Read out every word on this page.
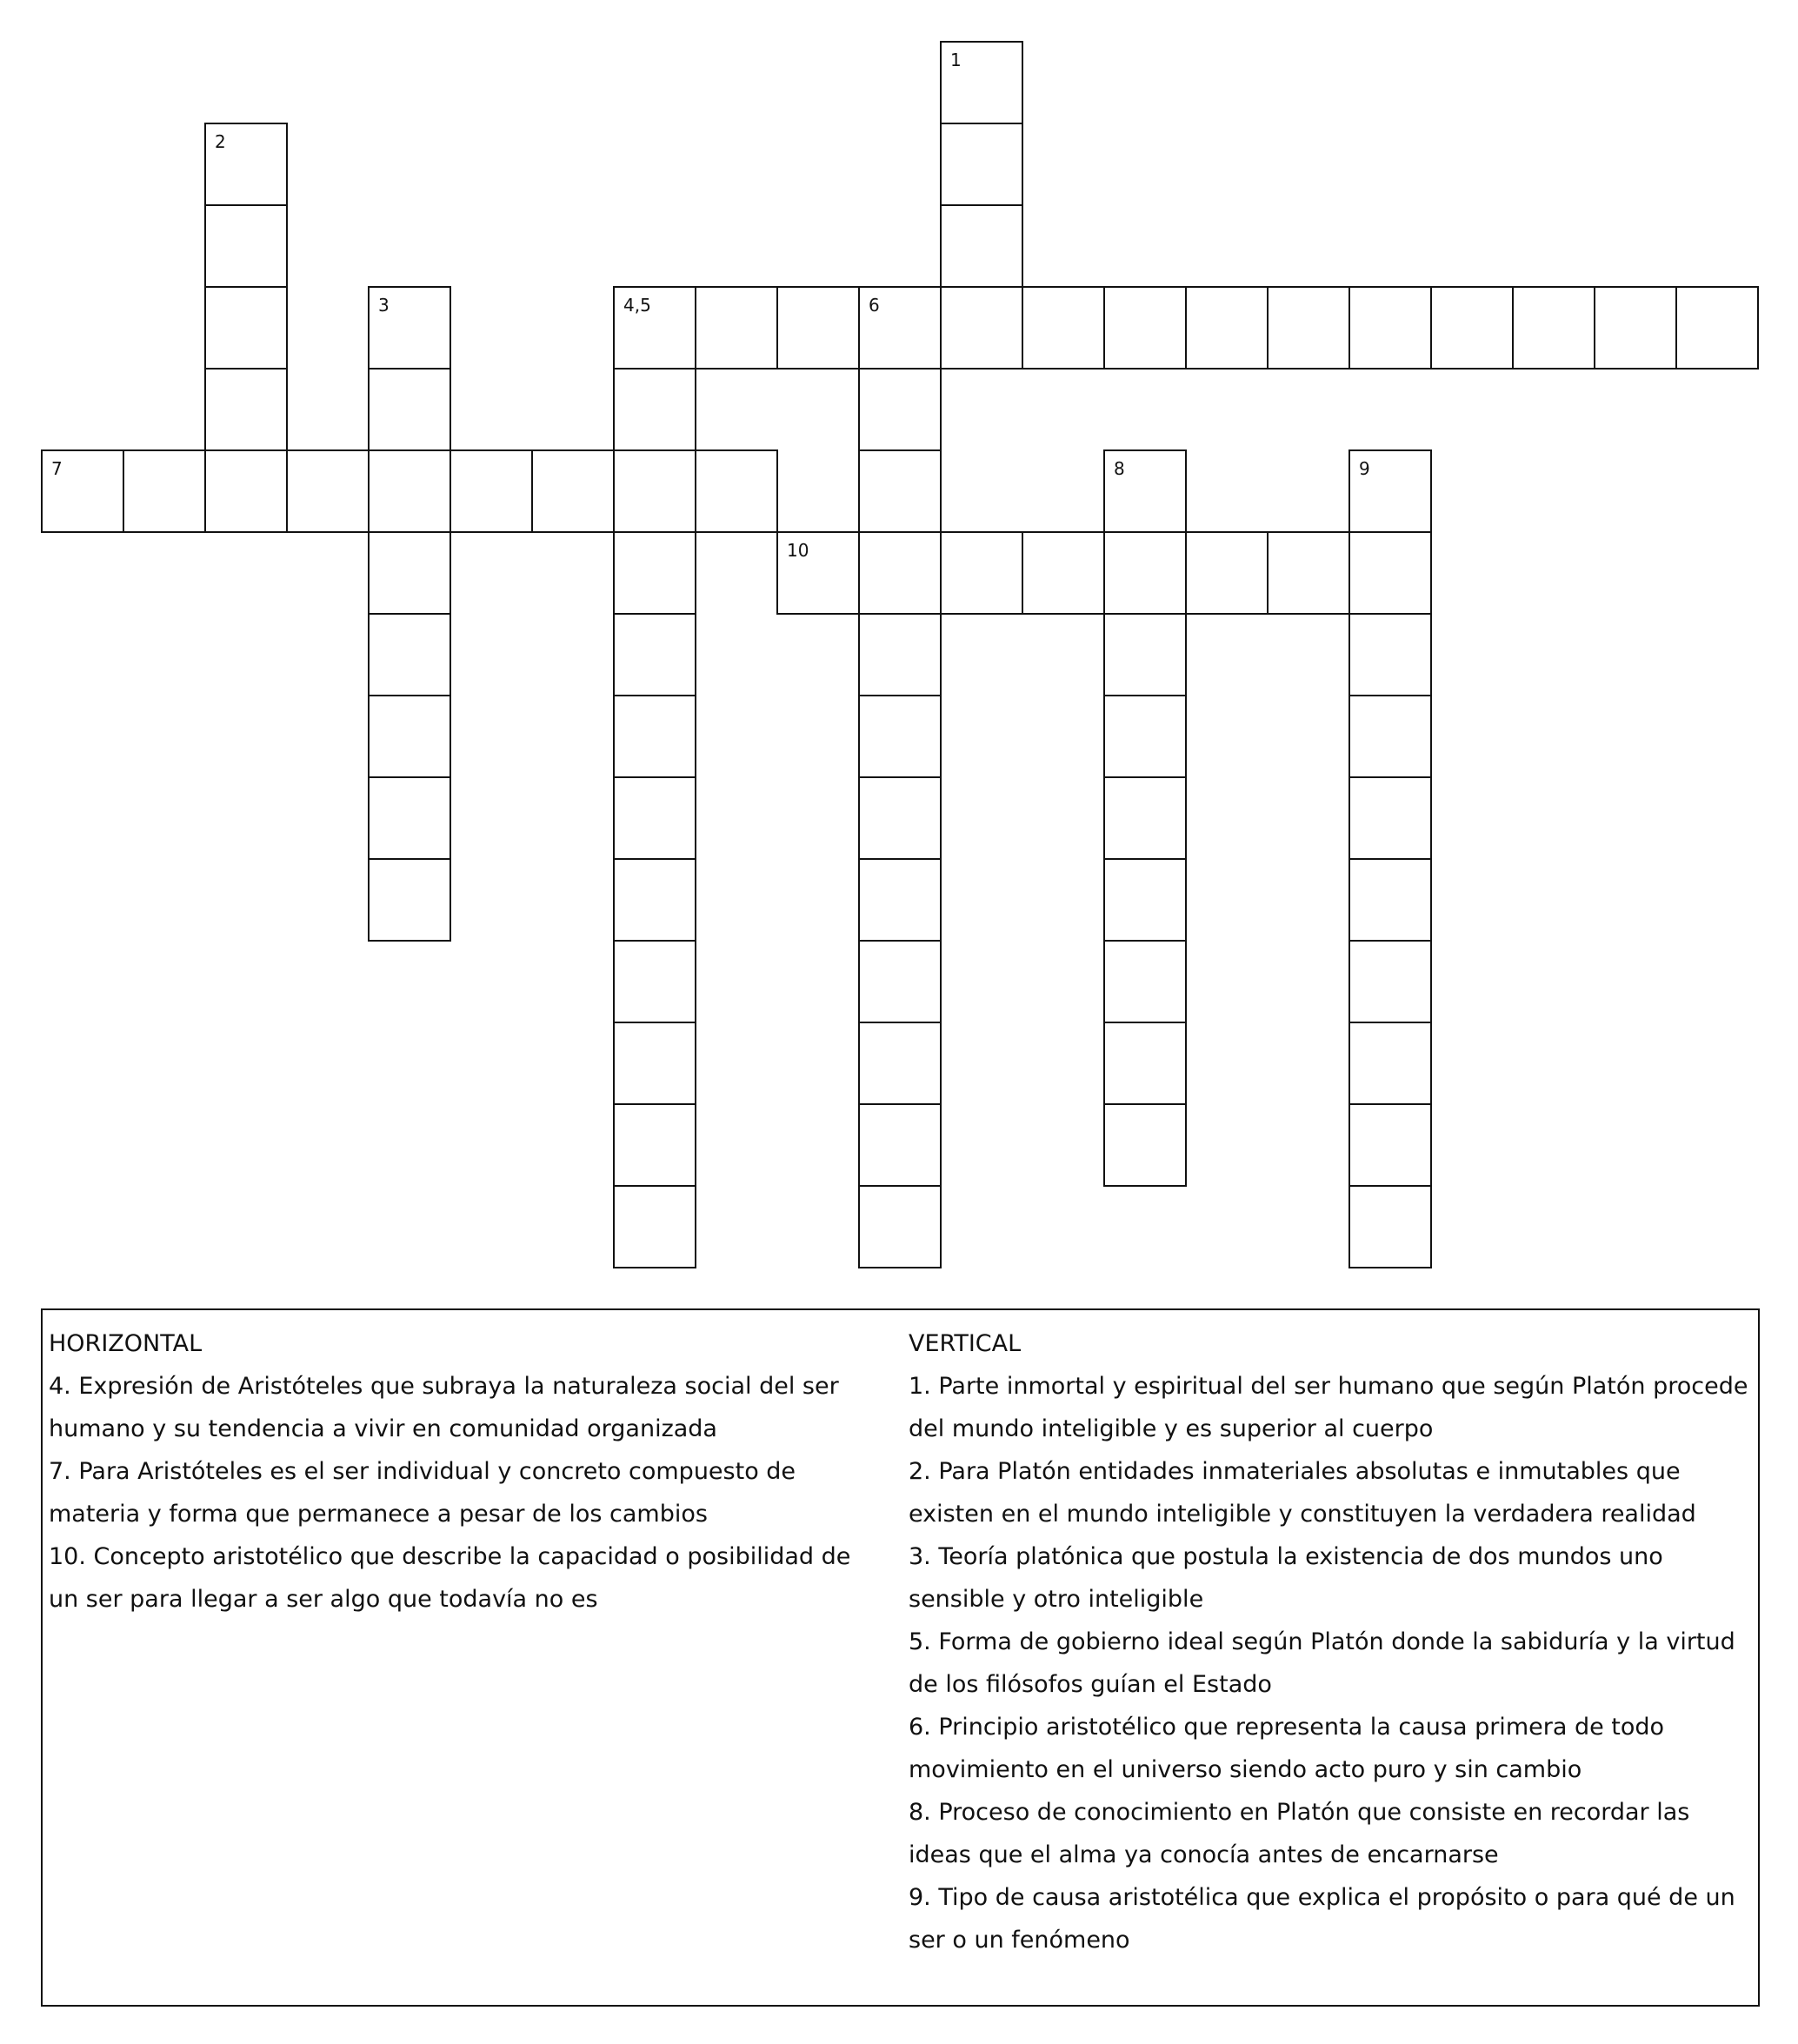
4,5	6
7
10
1
2
3
8	9

HORIZONTAL

4. Expresión de Aristóteles que subraya la naturaleza social del ser humano y su tendencia a vivir en comunidad organizada

7. Para Aristóteles es el ser individual y concreto compuesto de materia y forma que permanece a pesar de los cambios

10. Concepto aristotélico que describe la capacidad o posibilidad de un ser para llegar a ser algo que todavía no es

VERTICAL

1. Parte inmortal y espiritual del ser humano que según Platón procede del mundo inteligible y es superior al cuerpo

2. Para Platón entidades inmateriales absolutas e inmutables que existen en el mundo inteligible y constituyen la verdadera realidad

3. Teoría platónica que postula la existencia de dos mundos uno sensible y otro inteligible

5. Forma de gobierno ideal según Platón donde la sabiduría y la virtud de los filósofos guían el Estado

6. Principio aristotélico que representa la causa primera de todo movimiento en el universo siendo acto puro y sin cambio

8. Proceso de conocimiento en Platón que consiste en recordar las ideas que el alma ya conocía antes de encarnarse

9. Tipo de causa aristotélica que explica el propósito o para qué de un ser o un fenómeno
